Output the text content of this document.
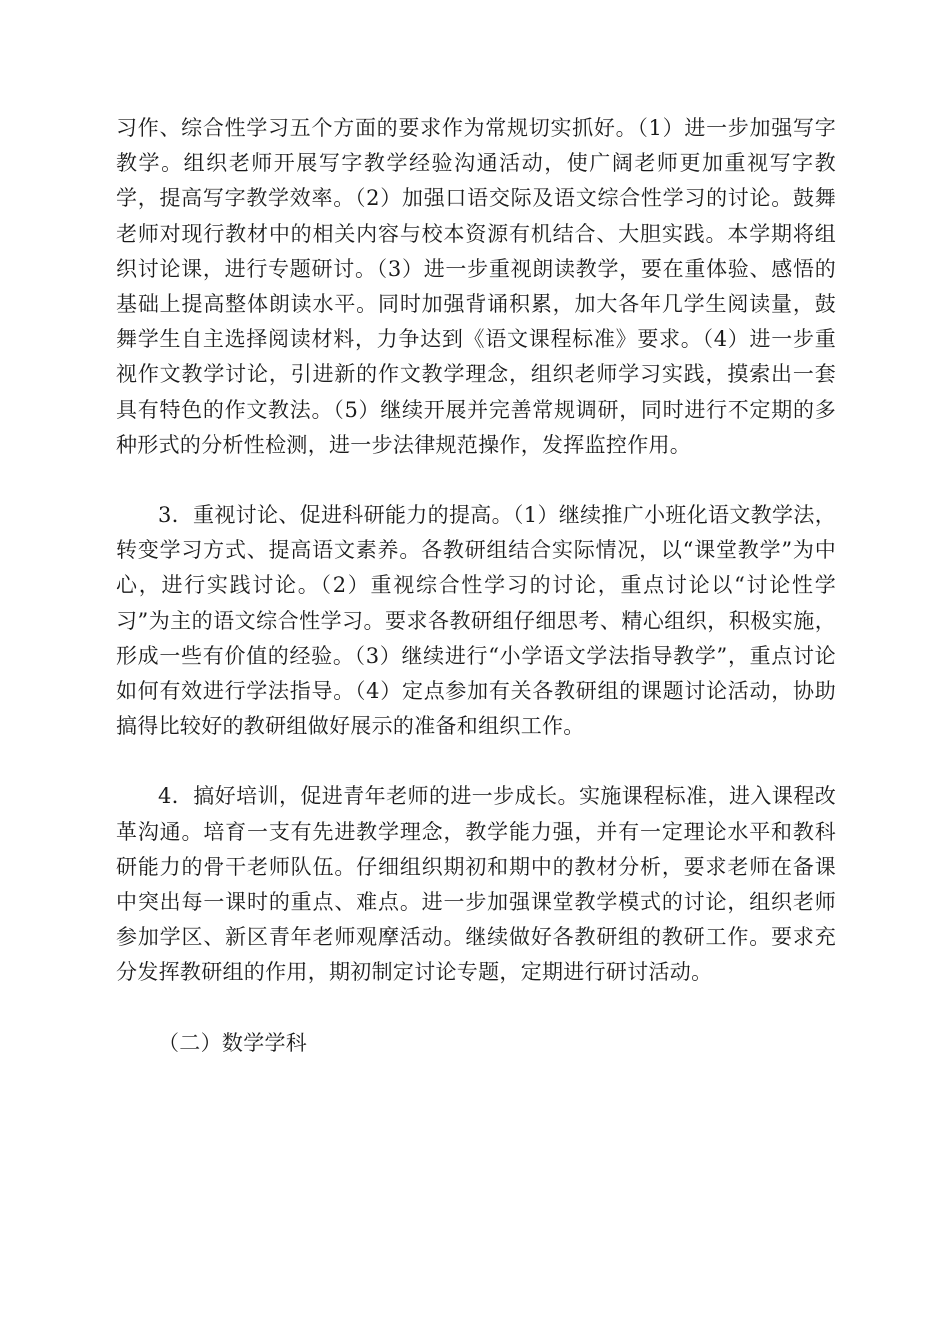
习作、综合性学习五个方面的要求作为常规切实抓好。（1）进一步加强写字教学。组织老师开展写字教学经验沟通活动，使广阔老师更加重视写字教学，提高写字教学效率。（2）加强口语交际及语文综合性学习的讨论。鼓舞老师对现行教材中的相关内容与校本资源有机结合、大胆实践。本学期将组织讨论课，进行专题研讨。（3）进一步重视朗读教学，要在重体验、感悟的基础上提高整体朗读水平。同时加强背诵积累，加大各年几学生阅读量，鼓舞学生自主选择阅读材料，力争达到《语文课程标准》要求。（4）进一步重视作文教学讨论，引进新的作文教学理念，组织老师学习实践，摸索出一套具有特色的作文教法。（5）继续开展并完善常规调研，同时进行不定期的多种形式的分析性检测，进一步法律规范操作，发挥监控作用。

3．重视讨论、促进科研能力的提高。（1）继续推广小班化语文教学法，转变学习方式、提高语文素养。各教研组结合实际情况，以“课堂教学”为中心，进行实践讨论。（2）重视综合性学习的讨论，重点讨论以“讨论性学习”为主的语文综合性学习。要求各教研组仔细思考、精心组织，积极实施，形成一些有价值的经验。（3）继续进行“小学语文学法指导教学”，重点讨论如何有效进行学法指导。（4）定点参加有关各教研组的课题讨论活动，协助搞得比较好的教研组做好展示的准备和组织工作。

4．搞好培训，促进青年老师的进一步成长。实施课程标准，进入课程改革沟通。培育一支有先进教学理念，教学能力强，并有一定理论水平和教科研能力的骨干老师队伍。仔细组织期初和期中的教材分析，要求老师在备课中突出每一课时的重点、难点。进一步加强课堂教学模式的讨论，组织老师参加学区、新区青年老师观摩活动。继续做好各教研组的教研工作。要求充分发挥教研组的作用，期初制定讨论专题，定期进行研讨活动。

（二）数学学科
